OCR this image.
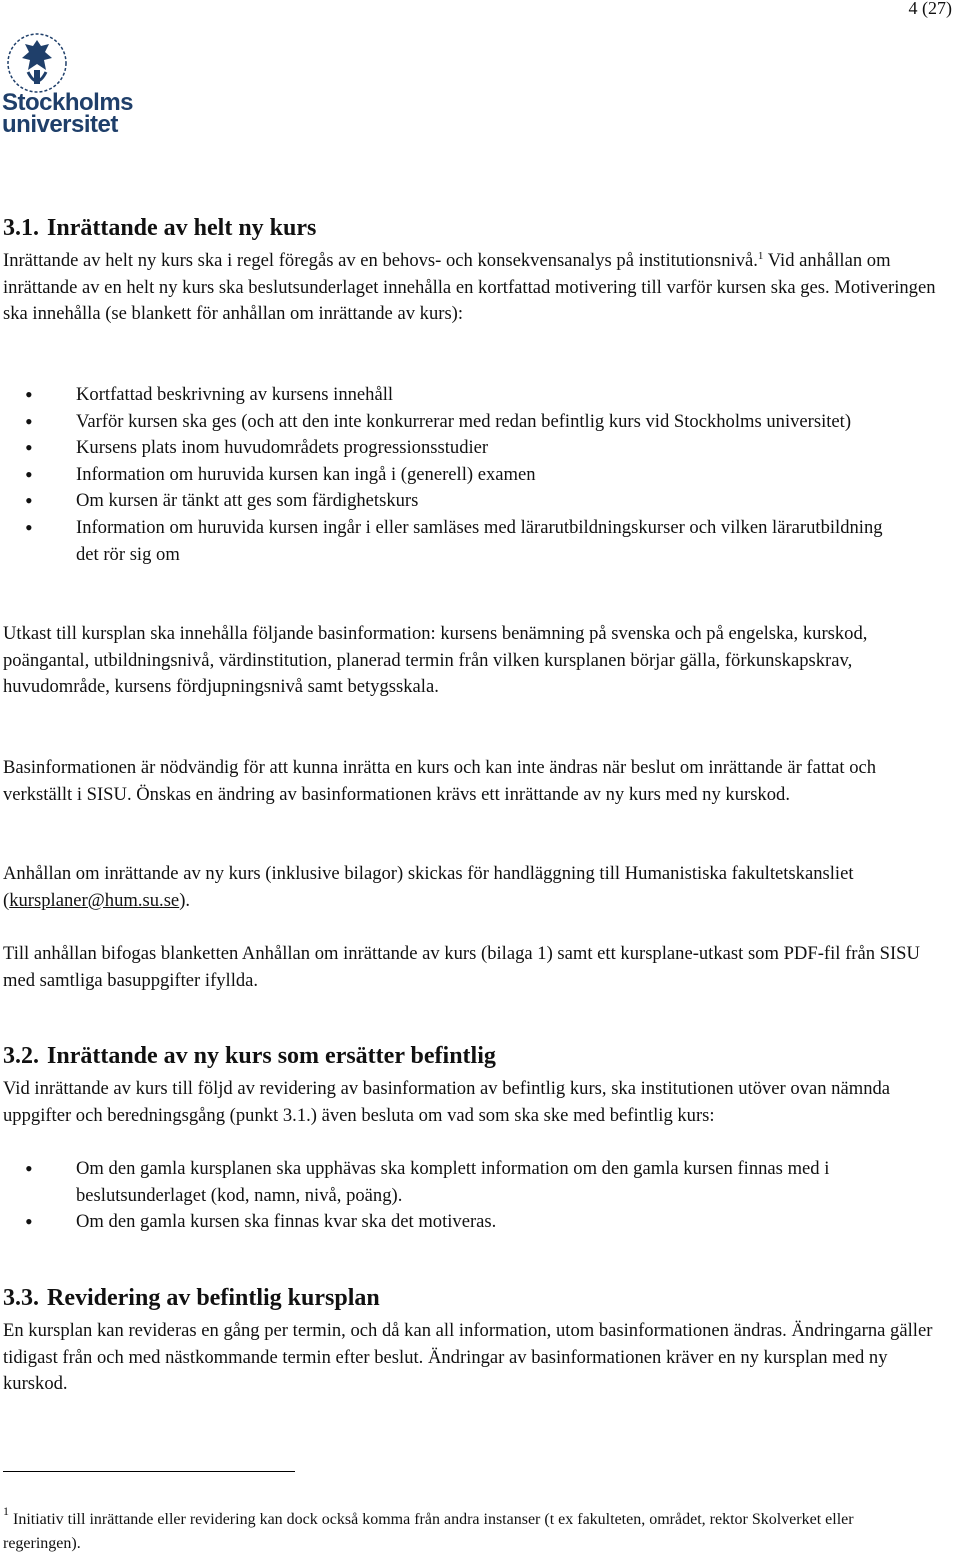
4 (27)
Stockholms
universitet
3.1. Inrättande av helt ny kurs

Inrättande av helt ny kurs ska i regel föregås av en behovs- och konsekvensanalys på institutionsnivå.$^1$ Vid anhållan om inrättande av en helt ny kurs ska beslutsunderlaget innehålla en kortfattad motivering till varför kursen ska ges. Motiveringen ska innehålla (se blankett för anhållan om inrättande av kurs):

• Kortfattad beskrivning av kursens innehåll
• Varför kursen ska ges (och att den inte konkurrerar med redan befintlig kurs vid Stockholms universitet)
• Kursens plats inom huvudområdets progressionsstudier
• Information om huruvida kursen kan ingå i (generell) examen
• Om kursen är tänkt att ges som färdighetskurs
• Information om huruvida kursen ingår i eller samläses med lärarutbildningskurser och vilken lärarutbildning det rör sig om

Utkast till kursplan ska innehålla följande basinformation: kursens benämning på svenska och på engelska, kurskod, poängantal, utbildningsnivå, värdinstitution, planerad termin från vilken kursplanen börjar gälla, förkunskapskrav, huvudområde, kursens fördjupningsnivå samt betygsskala.

Basinformationen är nödvändig för att kunna inrätta en kurs och kan inte ändras när beslut om inrättande är fattat och verkställt i SISU. Önskas en ändring av basinformationen krävs ett inrättande av ny kurs med ny kurskod.

Anhållan om inrättande av ny kurs (inklusive bilagor) skickas för handläggning till Humanistiska fakultetskansliet (kursplaner@hum.su.se).

Till anhållan bifogas blanketten Anhållan om inrättande av kurs (bilaga 1) samt ett kursplane-utkast som PDF-fil från SISU med samtliga basuppgifter ifyllda.

3.2. Inrättande av ny kurs som ersätter befintlig

Vid inrättande av kurs till följd av revidering av basinformation av befintlig kurs, ska institutionen utöver ovan nämnda uppgifter och beredningsgång (punkt 3.1.) även besluta om vad som ska ske med befintlig kurs:

• Om den gamla kursplanen ska upphävas ska komplett information om den gamla kursen finnas med i beslutsunderlaget (kod, namn, nivå, poäng).
• Om den gamla kursen ska finnas kvar ska det motiveras.
3.3. Revidering av befintlig kursplan

En kursplan kan revideras en gång per termin, och då kan all information, utom basinformationen ändras. Ändringarna gäller tidigast från och med nästkommande termin efter beslut. Ändringar av basinformationen kräver en ny kursplan med ny kurskod.

$^1$ Initiativ till inrättande eller revidering kan dock också komma från andra instanser (t ex fakulteten, området, rektor Skolverket eller regeringen).
